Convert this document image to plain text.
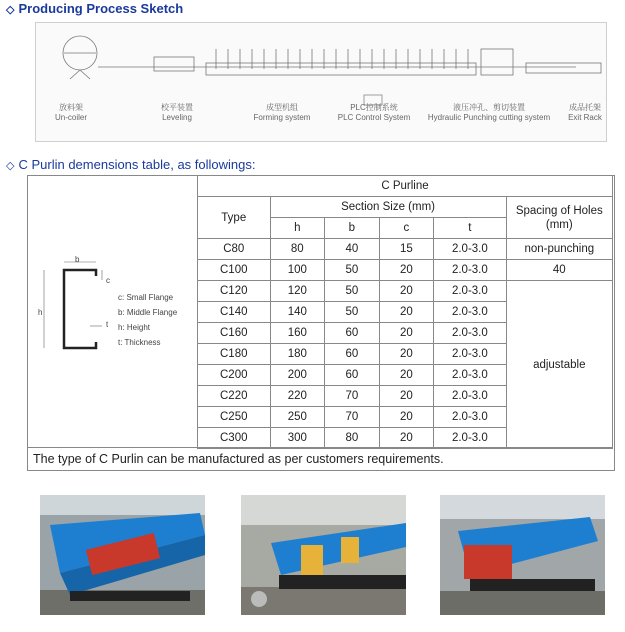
◇ Producing Process Sketch
放料架
Un-coiler
校平装置
Leveling
成型机组
Forming system
PLC控制系统
PLC Control System
液压冲孔、剪切装置
Hydraulic Punching cutting system
成品托架
Exit Rack
◇ C Purlin demensions table, as followings:
b
c
h
t
c: Small Flange
b: Middle Flange
h: Height
t: Thickness
C Purline					
Type	Section Size (mm)				Spacing of Holes (mm)
	h	b	c	t	
C80	80	40	15	2.0-3.0	non-punching
C100	100	50	20	2.0-3.0	40
C120	120	50	20	2.0-3.0	adjustable
C140	140	50	20	2.0-3.0	
C160	160	60	20	2.0-3.0	
C180	180	60	20	2.0-3.0	
C200	200	60	20	2.0-3.0	
C220	220	70	20	2.0-3.0	
C250	250	70	20	2.0-3.0	
C300	300	80	20	2.0-3.0	
The type of C Purlin can be manufactured as per customers requirements.
